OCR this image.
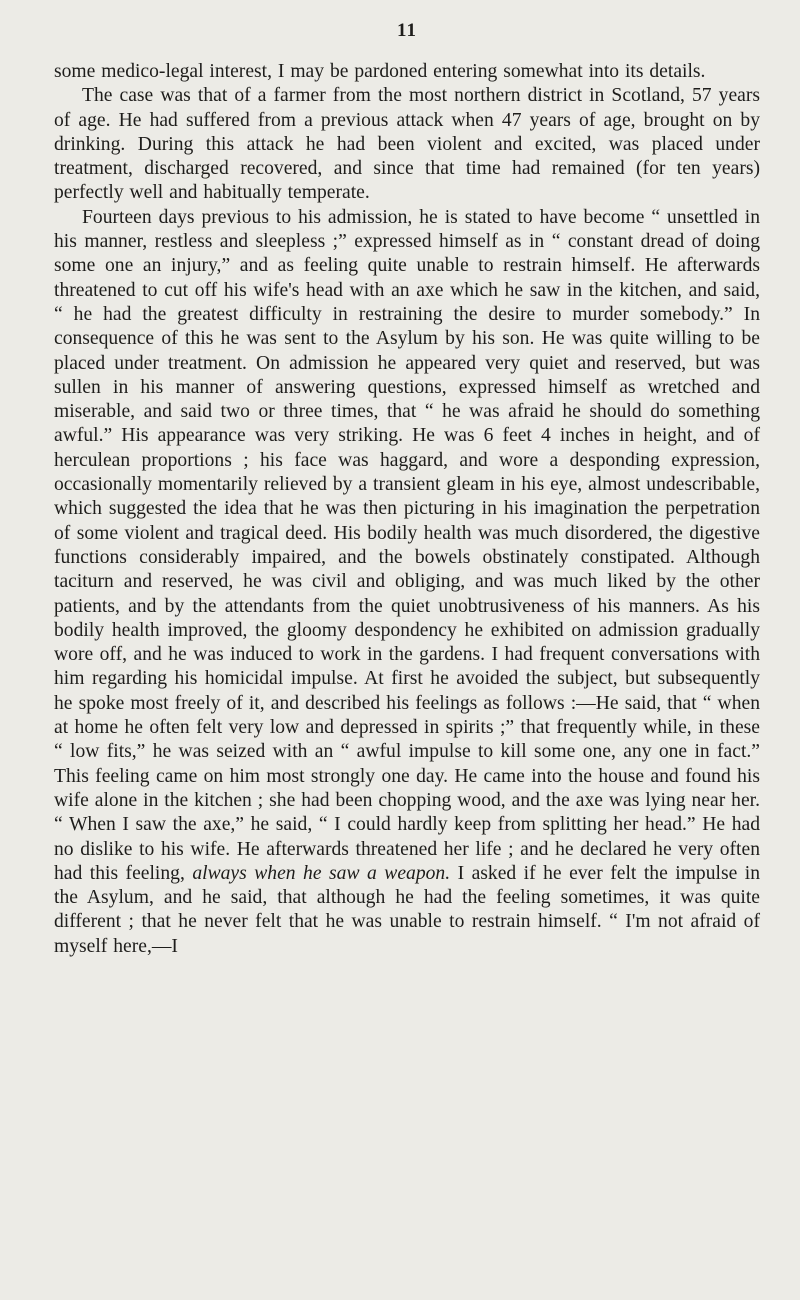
11

some medico-legal interest, I may be pardoned entering somewhat into its details.

The case was that of a farmer from the most northern district in Scotland, 57 years of age. He had suffered from a previous attack when 47 years of age, brought on by drinking. During this attack he had been violent and excited, was placed under treatment, discharged recovered, and since that time had remained (for ten years) perfectly well and habitually temperate.

Fourteen days previous to his admission, he is stated to have become “ unsettled in his manner, restless and sleepless ;” expressed himself as in “ constant dread of doing some one an injury,” and as feeling quite unable to restrain himself. He afterwards threatened to cut off his wife's head with an axe which he saw in the kitchen, and said, “ he had the greatest difficulty in restraining the desire to murder somebody.” In consequence of this he was sent to the Asylum by his son. He was quite willing to be placed under treatment. On admission he appeared very quiet and reserved, but was sullen in his manner of answering questions, expressed himself as wretched and miserable, and said two or three times, that “ he was afraid he should do something awful.” His appearance was very striking. He was 6 feet 4 inches in height, and of herculean proportions ; his face was haggard, and wore a desponding expression, occasionally momentarily relieved by a transient gleam in his eye, almost undescribable, which suggested the idea that he was then picturing in his imagination the perpetration of some violent and tragical deed. His bodily health was much disordered, the digestive functions considerably impaired, and the bowels obstinately constipated. Although taciturn and reserved, he was civil and obliging, and was much liked by the other patients, and by the attendants from the quiet unobtrusiveness of his manners. As his bodily health improved, the gloomy despondency he exhibited on admission gradually wore off, and he was induced to work in the gardens. I had frequent conversations with him regarding his homicidal impulse. At first he avoided the subject, but subsequently he spoke most freely of it, and described his feelings as follows :—He said, that “ when at home he often felt very low and depressed in spirits ;” that frequently while, in these “ low fits,” he was seized with an “ awful impulse to kill some one, any one in fact.” This feeling came on him most strongly one day. He came into the house and found his wife alone in the kitchen ; she had been chopping wood, and the axe was lying near her. “ When I saw the axe,” he said, “ I could hardly keep from splitting her head.” He had no dislike to his wife. He afterwards threatened her life ; and he declared he very often had this feeling, always when he saw a weapon. I asked if he ever felt the impulse in the Asylum, and he said, that although he had the feeling sometimes, it was quite different ; that he never felt that he was unable to restrain himself. “ I'm not afraid of myself here,—I
